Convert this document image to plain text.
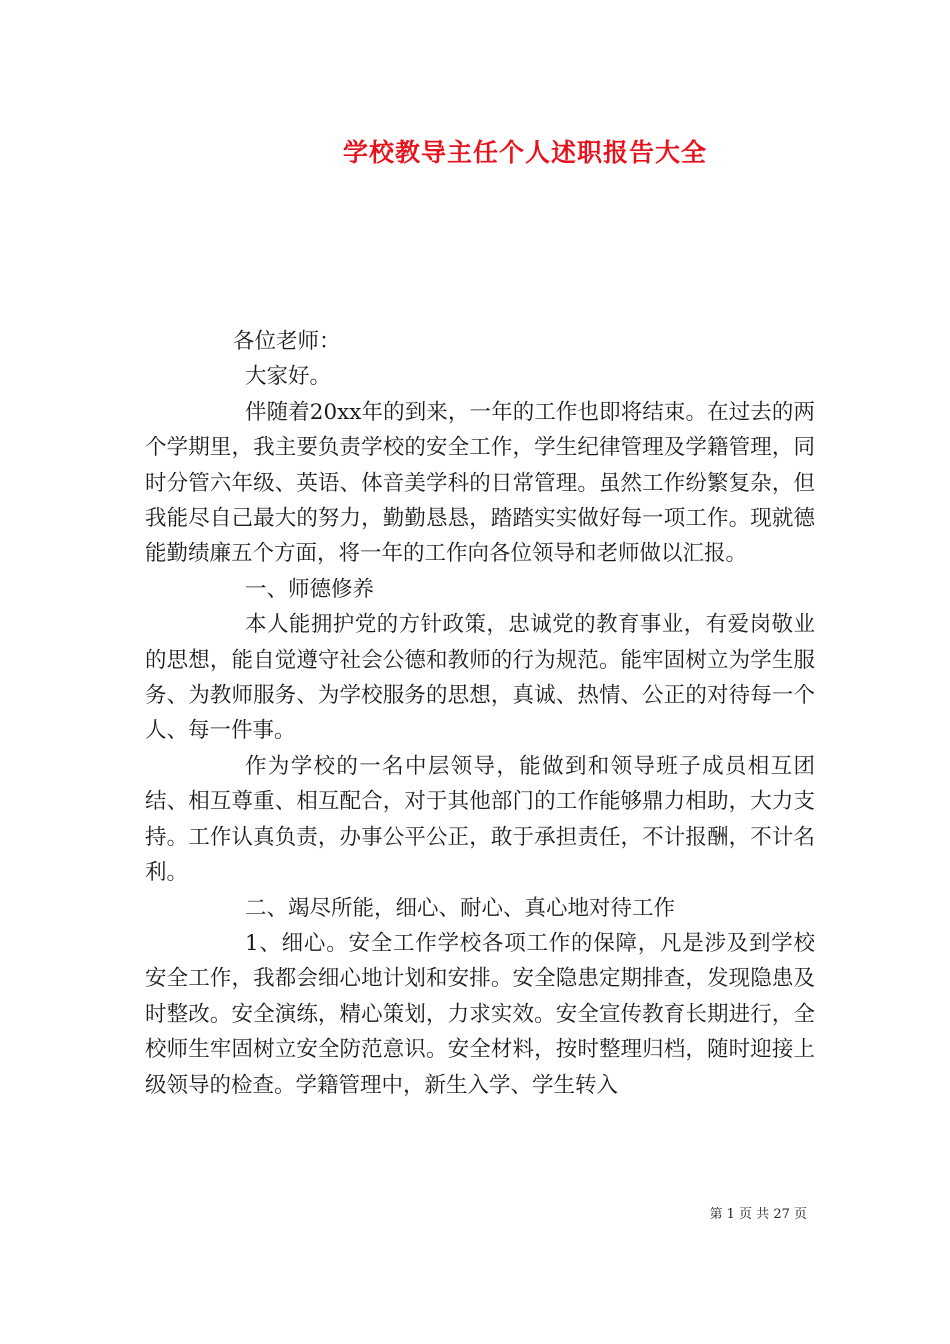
学校教导主任个人述职报告大全

各位老师：

大家好。

伴随着20xx年的到来，一年的工作也即将结束。在过去的两个学期里，我主要负责学校的安全工作，学生纪律管理及学籍管理，同时分管六年级、英语、体音美学科的日常管理。虽然工作纷繁复杂，但我能尽自己最大的努力，勤勤恳恳，踏踏实实做好每一项工作。现就德能勤绩廉五个方面，将一年的工作向各位领导和老师做以汇报。

一、师德修养

本人能拥护党的方针政策，忠诚党的教育事业，有爱岗敬业的思想，能自觉遵守社会公德和教师的行为规范。能牢固树立为学生服务、为教师服务、为学校服务的思想，真诚、热情、公正的对待每一个人、每一件事。

作为学校的一名中层领导，能做到和领导班子成员相互团结、相互尊重、相互配合，对于其他部门的工作能够鼎力相助，大力支持。工作认真负责，办事公平公正，敢于承担责任，不计报酬，不计名利。

二、竭尽所能，细心、耐心、真心地对待工作

1、细心。安全工作学校各项工作的保障，凡是涉及到学校安全工作，我都会细心地计划和安排。安全隐患定期排查，发现隐患及时整改。安全演练，精心策划，力求实效。安全宣传教育长期进行，全校师生牢固树立安全防范意识。安全材料，按时整理归档，随时迎接上级领导的检查。学籍管理中，新生入学、学生转入

第 1 页 共 27 页
